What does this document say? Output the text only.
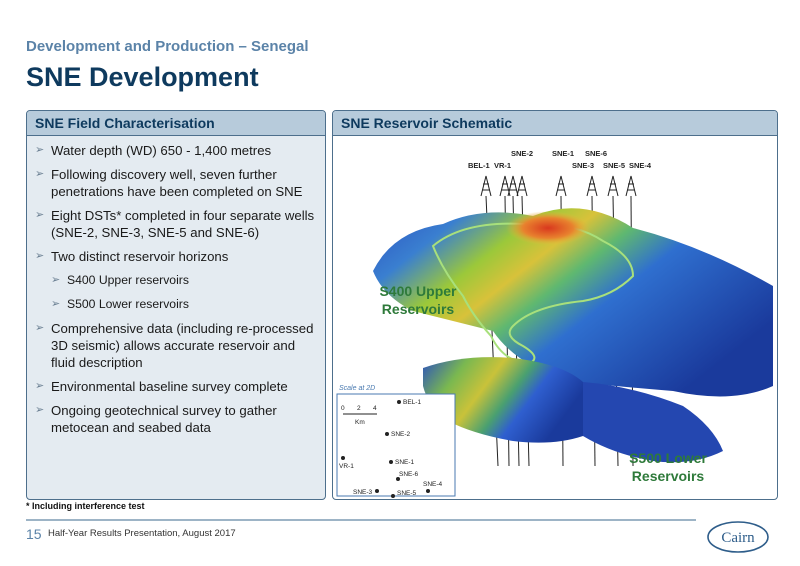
Development and Production – Senegal
SNE Development
SNE Field Characterisation
➢ Water depth (WD) 650 - 1,400 metres
➢ Following discovery well, seven further penetrations have been completed on SNE
➢ Eight DSTs* completed in four separate wells (SNE-2, SNE-3, SNE-5 and SNE-6)
➢ Two distinct reservoir horizons
➢ S400 Upper reservoirs
➢ S500 Lower reservoirs
➢ Comprehensive data (including re-processed 3D seismic) allows accurate reservoir and fluid description
➢ Environmental baseline survey complete
➢ Ongoing geotechnical survey to gather metocean and seabed data
SNE Reservoir Schematic
BEL-1 VR-1
SNE-2	SNE-1 SNE-6
SNE-3 SNE-5 SNE-4
S400 Upper
Reservoirs
S500 Lower
Reservoirs
Scale at 2D
0 2 4
Km
BEL-1
SNE-2
SNE-1
VR-1
SNE-6
SNE-4
SNE-3	SNE-5
* Including interference test
15 Half-Year Results Presentation, August 2017	Cairn
